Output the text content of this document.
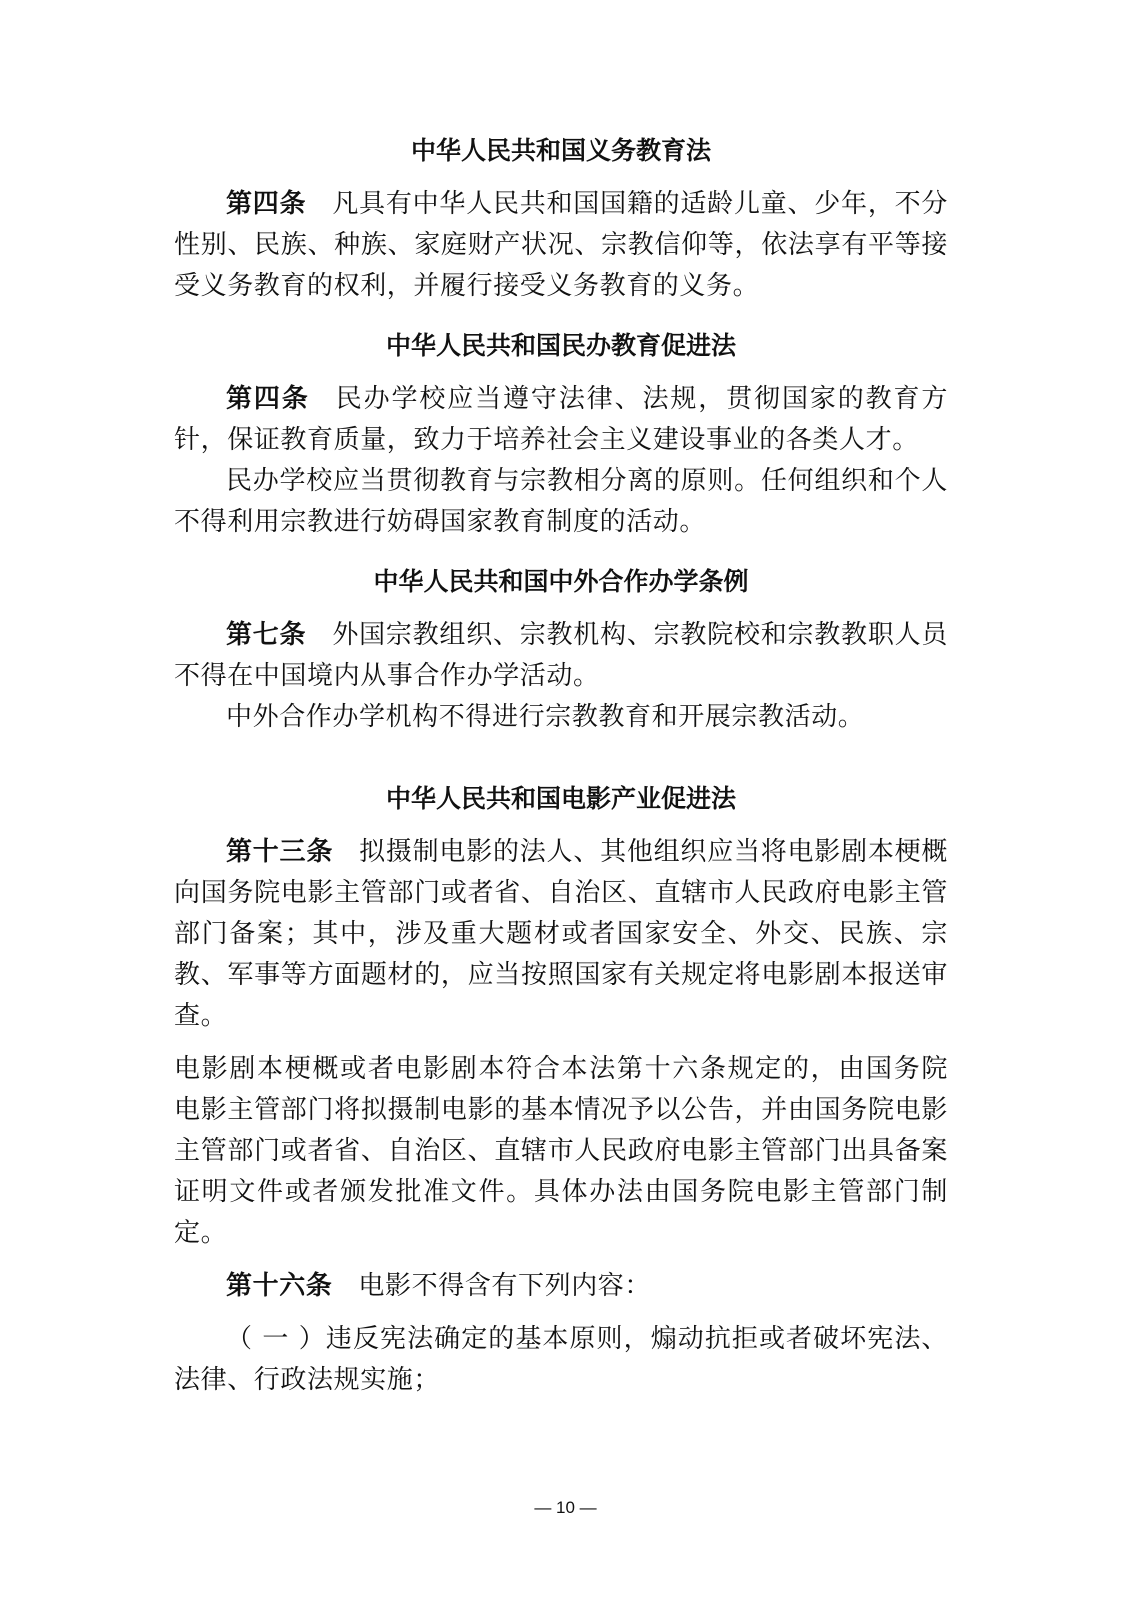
中华人民共和国义务教育法

第四条 凡具有中华人民共和国国籍的适龄儿童、少年，不分性别、民族、种族、家庭财产状况、宗教信仰等，依法享有平等接受义务教育的权利，并履行接受义务教育的义务。

中华人民共和国民办教育促进法

第四条 民办学校应当遵守法律、法规，贯彻国家的教育方针，保证教育质量，致力于培养社会主义建设事业的各类人才。

民办学校应当贯彻教育与宗教相分离的原则。任何组织和个人不得利用宗教进行妨碍国家教育制度的活动。

中华人民共和国中外合作办学条例

第七条 外国宗教组织、宗教机构、宗教院校和宗教教职人员不得在中国境内从事合作办学活动。

中外合作办学机构不得进行宗教教育和开展宗教活动。

中华人民共和国电影产业促进法

第十三条 拟摄制电影的法人、其他组织应当将电影剧本梗概向国务院电影主管部门或者省、自治区、直辖市人民政府电影主管部门备案；其中，涉及重大题材或者国家安全、外交、民族、宗教、军事等方面题材的，应当按照国家有关规定将电影剧本报送审查。

电影剧本梗概或者电影剧本符合本法第十六条规定的，由国务院 电影主管部门将拟摄制电影的基本情况予以公告，并由国务院电影主管部门或者省、自治区、直辖市人民政府电影主管部门出具备案证明文件或者颁发批准文件。具体办法由国务院电影主管部门制定。

第十六条 电影不得含有下列内容：

（ 一 ）违反宪法确定的基本原则，煽动抗拒或者破坏宪法、法律、行政法规实施；

— 10 —
